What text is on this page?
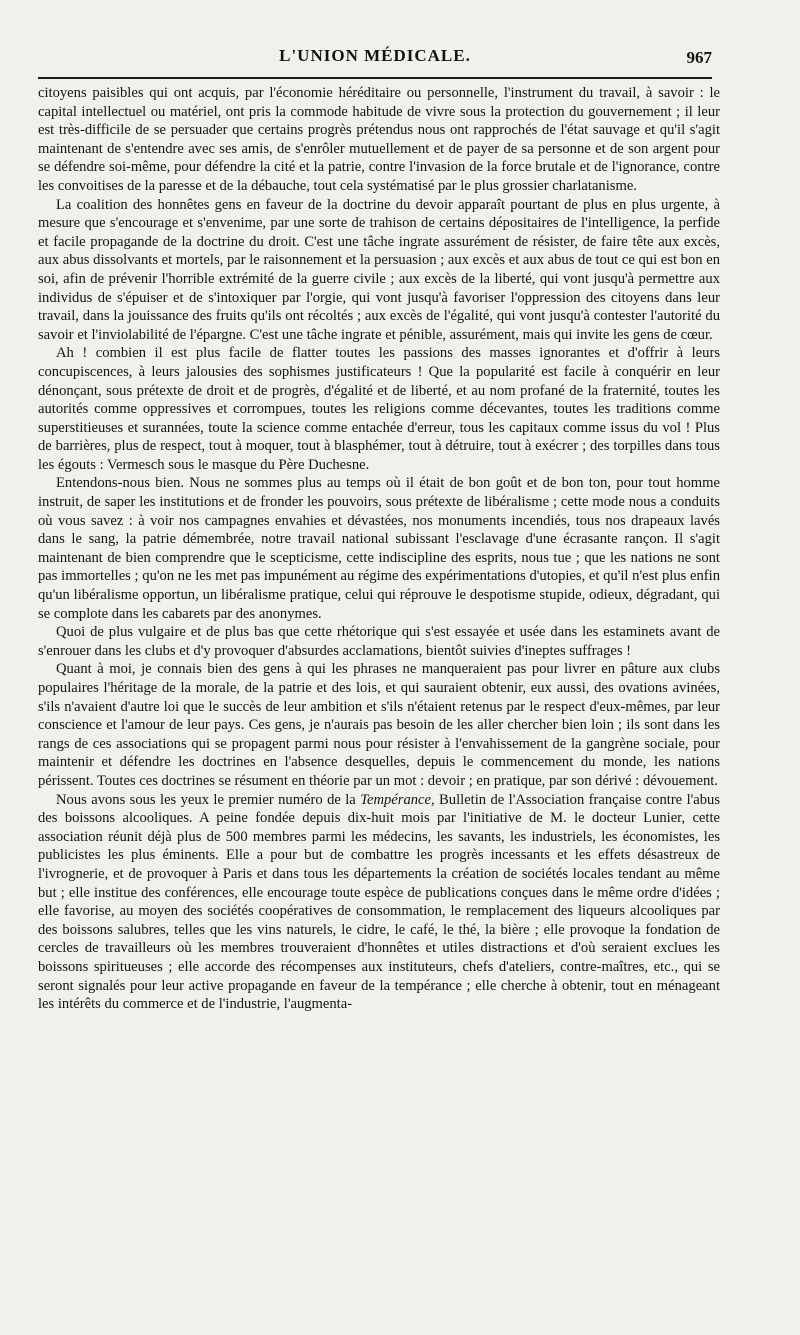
L'UNION MÉDICALE.	967

citoyens paisibles qui ont acquis, par l'économie héréditaire ou personnelle, l'instrument du travail, à savoir : le capital intellectuel ou matériel, ont pris la commode habitude de vivre sous la protection du gouvernement ; il leur est très-difficile de se persuader que certains progrès prétendus nous ont rapprochés de l'état sauvage et qu'il s'agit maintenant de s'entendre avec ses amis, de s'enrôler mutuellement et de payer de sa personne et de son argent pour se défendre soi-même, pour défendre la cité et la patrie, contre l'invasion de la force brutale et de l'ignorance, contre les convoitises de la paresse et de la débauche, tout cela systématisé par le plus grossier charlatanisme.

La coalition des honnêtes gens en faveur de la doctrine du devoir apparaît pourtant de plus en plus urgente, à mesure que s'encourage et s'envenime, par une sorte de trahison de certains dépositaires de l'intelligence, la perfide et facile propagande de la doctrine du droit. C'est une tâche ingrate assurément de résister, de faire tête aux excès, aux abus dissolvants et mortels, par le raisonnement et la persuasion ; aux excès et aux abus de tout ce qui est bon en soi, afin de prévenir l'horrible extrémité de la guerre civile ; aux excès de la liberté, qui vont jusqu'à permettre aux individus de s'épuiser et de s'intoxiquer par l'orgie, qui vont jusqu'à favoriser l'oppression des citoyens dans leur travail, dans la jouissance des fruits qu'ils ont récoltés ; aux excès de l'égalité, qui vont jusqu'à contester l'autorité du savoir et l'inviolabilité de l'épargne. C'est une tâche ingrate et pénible, assurément, mais qui invite les gens de cœur.

Ah ! combien il est plus facile de flatter toutes les passions des masses ignorantes et d'offrir à leurs concupiscences, à leurs jalousies des sophismes justificateurs ! Que la popularité est facile à conquérir en leur dénonçant, sous prétexte de droit et de progrès, d'égalité et de liberté, et au nom profané de la fraternité, toutes les autorités comme oppressives et corrompues, toutes les religions comme décevantes, toutes les traditions comme superstitieuses et surannées, toute la science comme entachée d'erreur, tous les capitaux comme issus du vol ! Plus de barrières, plus de respect, tout à moquer, tout à blasphémer, tout à détruire, tout à exécrer ; des torpilles dans tous les égouts : Vermesch sous le masque du Père Duchesne.

Entendons-nous bien. Nous ne sommes plus au temps où il était de bon goût et de bon ton, pour tout homme instruit, de saper les institutions et de fronder les pouvoirs, sous prétexte de libéralisme ; cette mode nous a conduits où vous savez : à voir nos campagnes envahies et dévastées, nos monuments incendiés, tous nos drapeaux lavés dans le sang, la patrie démembrée, notre travail national subissant l'esclavage d'une écrasante rançon. Il s'agit maintenant de bien comprendre que le scepticisme, cette indiscipline des esprits, nous tue ; que les nations ne sont pas immortelles ; qu'on ne les met pas impunément au régime des expérimentations d'utopies, et qu'il n'est plus enfin qu'un libéralisme opportun, un libéralisme pratique, celui qui réprouve le despotisme stupide, odieux, dégradant, qui se complote dans les cabarets par des anonymes.

Quoi de plus vulgaire et de plus bas que cette rhétorique qui s'est essayée et usée dans les estaminets avant de s'enrouer dans les clubs et d'y provoquer d'absurdes acclamations, bientôt suivies d'ineptes suffrages !

Quant à moi, je connais bien des gens à qui les phrases ne manqueraient pas pour livrer en pâture aux clubs populaires l'héritage de la morale, de la patrie et des lois, et qui sauraient obtenir, eux aussi, des ovations avinées, s'ils n'avaient d'autre loi que le succès de leur ambition et s'ils n'étaient retenus par le respect d'eux-mêmes, par leur conscience et l'amour de leur pays. Ces gens, je n'aurais pas besoin de les aller chercher bien loin ; ils sont dans les rangs de ces associations qui se propagent parmi nous pour résister à l'envahissement de la gangrène sociale, pour maintenir et défendre les doctrines en l'absence desquelles, depuis le commencement du monde, les nations périssent. Toutes ces doctrines se résument en théorie par un mot : devoir ; en pratique, par son dérivé : dévouement.

Nous avons sous les yeux le premier numéro de la Tempérance, Bulletin de l'Association française contre l'abus des boissons alcooliques. A peine fondée depuis dix-huit mois par l'initiative de M. le docteur Lunier, cette association réunit déjà plus de 500 membres parmi les médecins, les savants, les industriels, les économistes, les publicistes les plus éminents. Elle a pour but de combattre les progrès incessants et les effets désastreux de l'ivrognerie, et de provoquer à Paris et dans tous les départements la création de sociétés locales tendant au même but ; elle institue des conférences, elle encourage toute espèce de publications conçues dans le même ordre d'idées ; elle favorise, au moyen des sociétés coopératives de consommation, le remplacement des liqueurs alcooliques par des boissons salubres, telles que les vins naturels, le cidre, le café, le thé, la bière ; elle provoque la fondation de cercles de travailleurs où les membres trouveraient d'honnêtes et utiles distractions et d'où seraient exclues les boissons spiritueuses ; elle accorde des récompenses aux instituteurs, chefs d'ateliers, contre-maîtres, etc., qui se seront signalés pour leur active propagande en faveur de la tempérance ; elle cherche à obtenir, tout en ménageant les intérêts du commerce et de l'industrie, l'augmenta-
